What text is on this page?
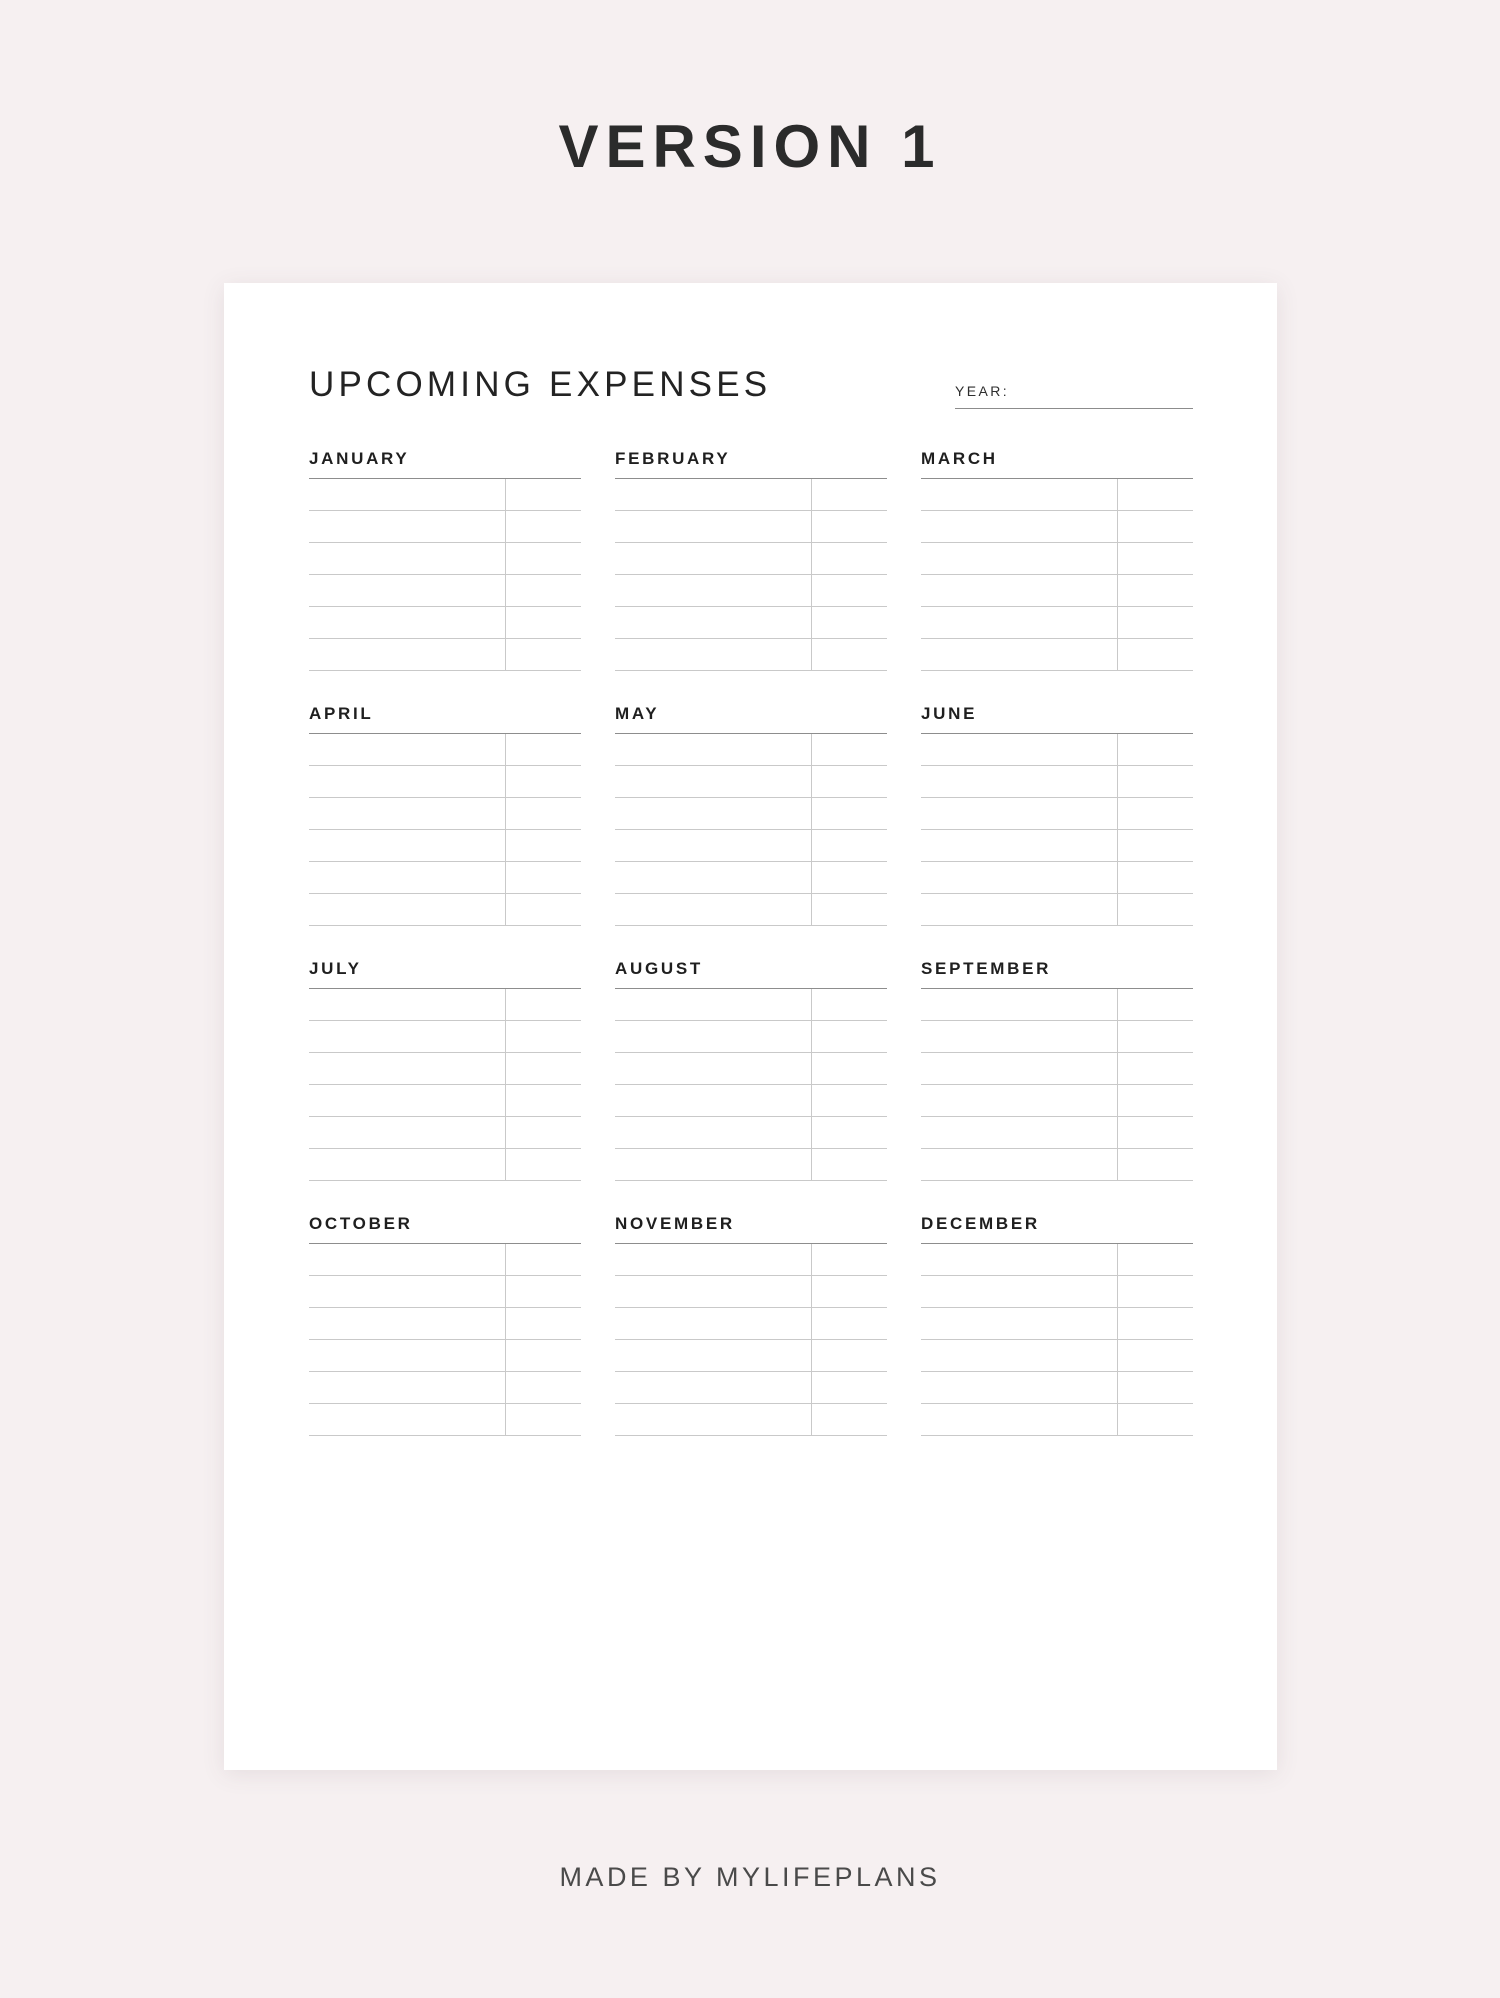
VERSION 1
UPCOMING EXPENSES	YEAR:
JANUARY

		FEBRUARY

		MARCH

APRIL

		MAY

		JUNE

JULY

		AUGUST

		SEPTEMBER

OCTOBER

		NOVEMBER

		DECEMBER

MADE BY MYLIFEPLANS
